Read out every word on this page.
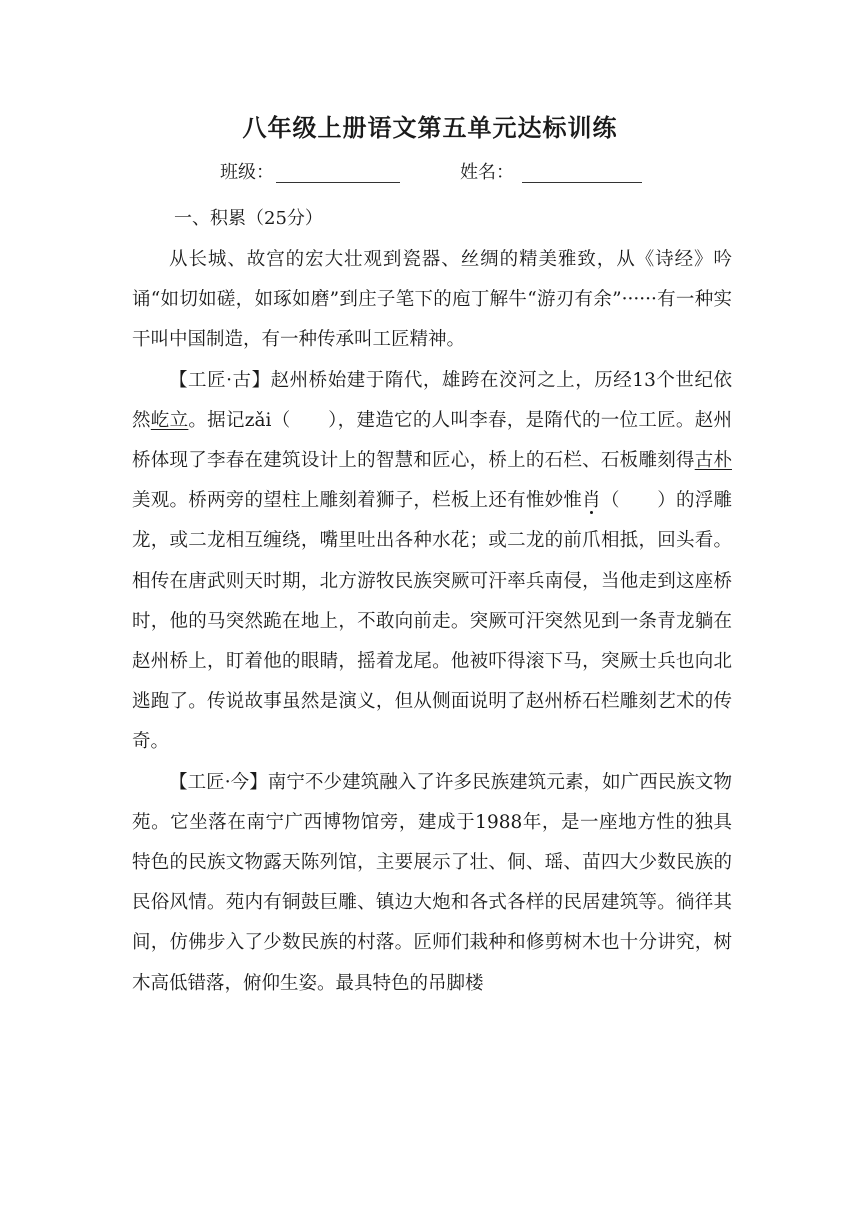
八年级上册语文第五单元达标训练
班级：	姓名：
一、积累（25分）

从长城、故宫的宏大壮观到瓷器、丝绸的精美雅致，从《诗经》吟诵“如切如磋，如琢如磨”到庄子笔下的庖丁解牛“游刃有余”······有一种实干叫中国制造，有一种传承叫工匠精神。

【工匠·古】赵州桥始建于隋代，雄跨在洨河之上，历经13个世纪依然屹立。据记zǎi（　　），建造它的人叫李春，是隋代的一位工匠。赵州桥体现了李春在建筑设计上的智慧和匠心，桥上的石栏、石板雕刻得古朴美观。桥两旁的望柱上雕刻着狮子，栏板上还有惟妙惟肖（　　）的浮雕龙，或二龙相互缠绕，嘴里吐出各种水花；或二龙的前爪相抵，回头看。相传在唐武则天时期，北方游牧民族突厥可汗率兵南侵，当他走到这座桥时，他的马突然跪在地上，不敢向前走。突厥可汗突然见到一条青龙躺在赵州桥上，盯着他的眼睛，摇着龙尾。他被吓得滚下马，突厥士兵也向北逃跑了。传说故事虽然是演义，但从侧面说明了赵州桥石栏雕刻艺术的传奇。

【工匠·今】南宁不少建筑融入了许多民族建筑元素，如广西民族文物苑。它坐落在南宁广西博物馆旁，建成于1988年，是一座地方性的独具特色的民族文物露天陈列馆，主要展示了壮、侗、瑶、苗四大少数民族的民俗风情。苑内有铜鼓巨雕、镇边大炮和各式各样的民居建筑等。徜徉其间，仿佛步入了少数民族的村落。匠师们栽种和修剪树木也十分讲究，树木高低错落，俯仰生姿。最具特色的吊脚楼
